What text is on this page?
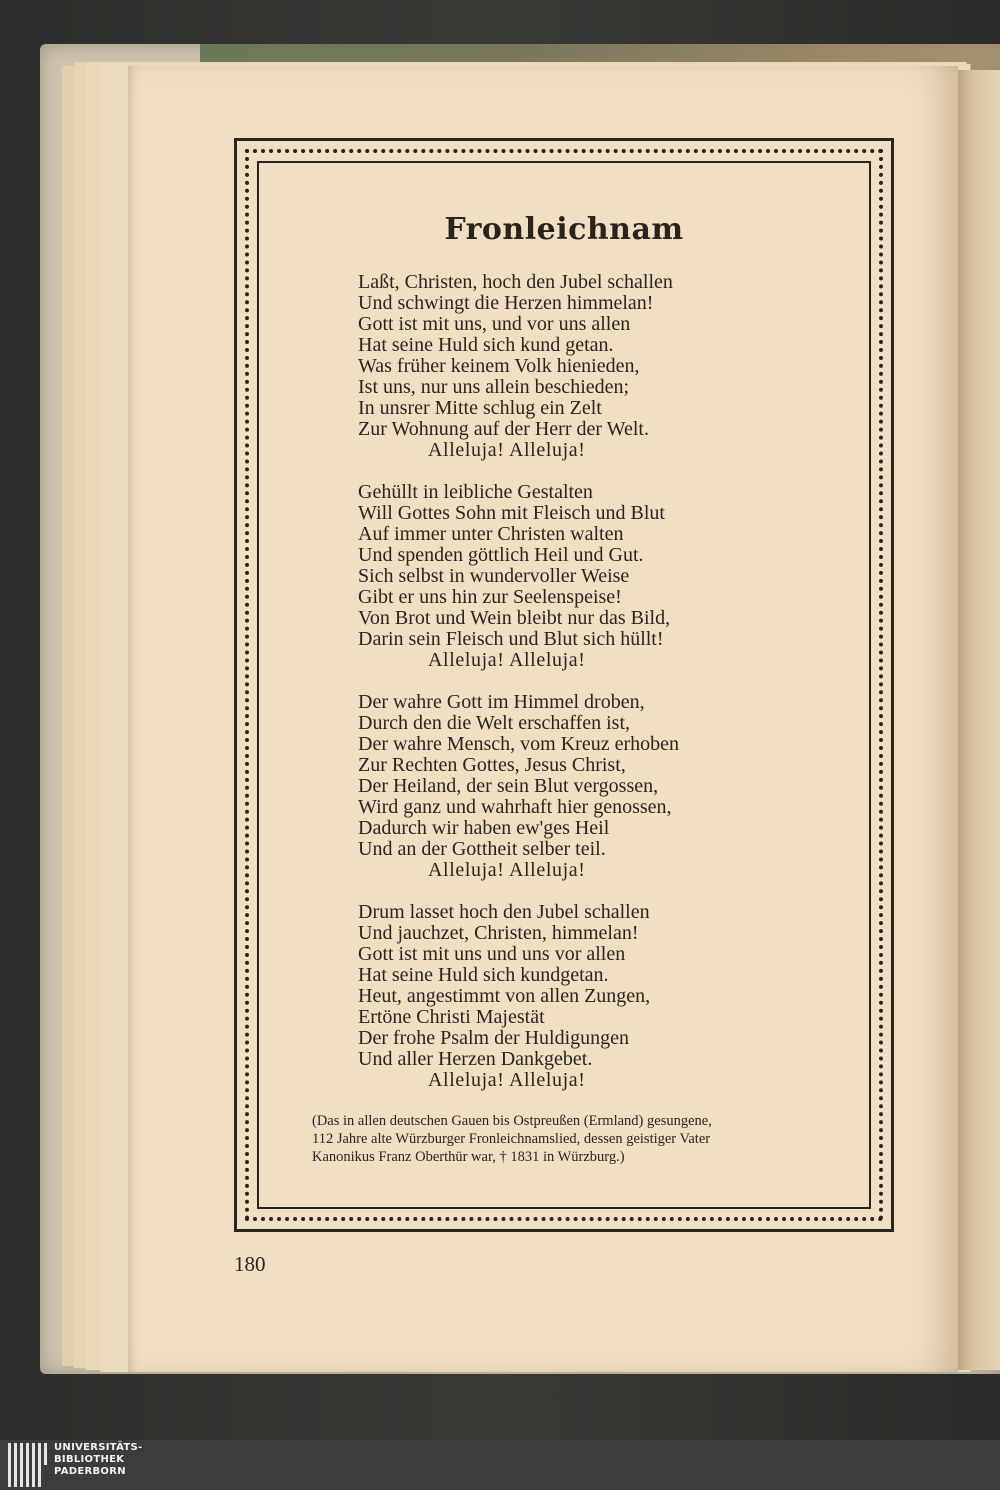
Fronleichnam
Laßt, Christen, hoch den Jubel schallen
Und schwingt die Herzen himmelan!
Gott ist mit uns, und vor uns allen
Hat seine Huld sich kund getan.
Was früher keinem Volk hienieden,
Ist uns, nur uns allein beschieden;
In unsrer Mitte schlug ein Zelt
Zur Wohnung auf der Herr der Welt.
Alleluja! Alleluja!
Gehüllt in leibliche Gestalten
Will Gottes Sohn mit Fleisch und Blut
Auf immer unter Christen walten
Und spenden göttlich Heil und Gut.
Sich selbst in wundervoller Weise
Gibt er uns hin zur Seelenspeise!
Von Brot und Wein bleibt nur das Bild,
Darin sein Fleisch und Blut sich hüllt!
Alleluja! Alleluja!
Der wahre Gott im Himmel droben,
Durch den die Welt erschaffen ist,
Der wahre Mensch, vom Kreuz erhoben
Zur Rechten Gottes, Jesus Christ,
Der Heiland, der sein Blut vergossen,
Wird ganz und wahrhaft hier genossen,
Dadurch wir haben ew'ges Heil
Und an der Gottheit selber teil.
Alleluja! Alleluja!
Drum lasset hoch den Jubel schallen
Und jauchzet, Christen, himmelan!
Gott ist mit uns und uns vor allen
Hat seine Huld sich kundgetan.
Heut, angestimmt von allen Zungen,
Ertöne Christi Majestät
Der frohe Psalm der Huldigungen
Und aller Herzen Dankgebet.
Alleluja! Alleluja!
(Das in allen deutschen Gauen bis Ostpreußen (Ermland) gesungene,
112 Jahre alte Würzburger Fronleichnamslied, dessen geistiger Vater
Kanonikus Franz Oberthür war, † 1831 in Würzburg.)
180
UNIVERSITÄTS-
BIBLIOTHEK
PADERBORN
